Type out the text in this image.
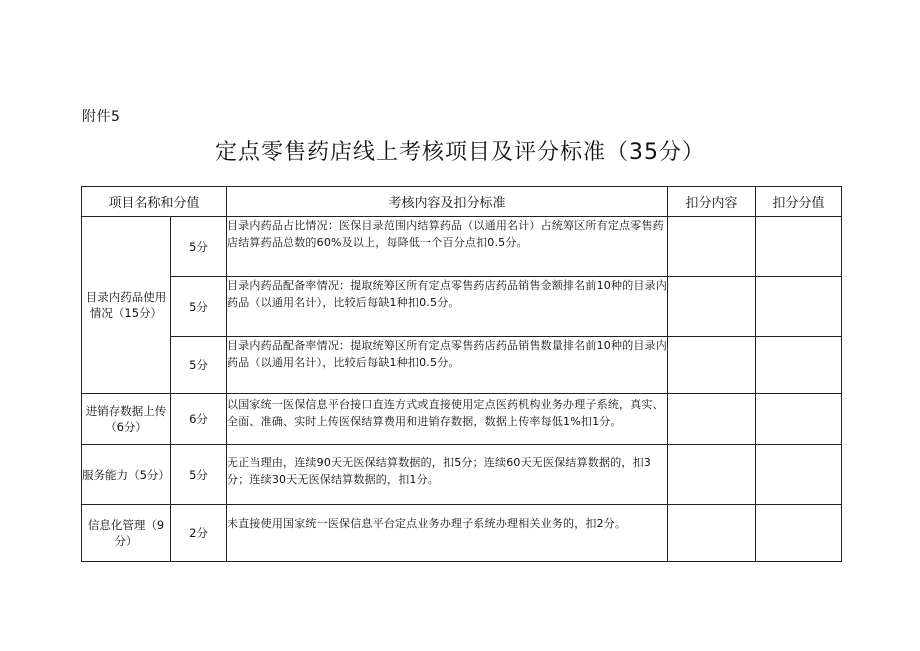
附件5
定点零售药店线上考核项目及评分标准（35分）
项目名称和分值		考核内容及扣分标准	扣分内容	扣分分值
目录内药品使用情况（15分）	5分	目录内药品占比情况：医保目录范围内结算药品（以通用名计）占统筹区所有定点零售药店结算药品总数的60%及以上，每降低一个百分点扣0.5分。		
	5分	目录内药品配备率情况：提取统筹区所有定点零售药店药品销售金额排名前10种的目录内药品（以通用名计），比较后每缺1种扣0.5分。		
	5分	目录内药品配备率情况：提取统筹区所有定点零售药店药品销售数量排名前10种的目录内药品（以通用名计），比较后每缺1种扣0.5分。		
进销存数据上传（6分）	6分	以国家统一医保信息平台接口直连方式或直接使用定点医药机构业务办理子系统，真实、全面、准确、实时上传医保结算费用和进销存数据，数据上传率每低1%扣1分。		
服务能力（5分）	5分	无正当理由，连续90天无医保结算数据的，扣5分；连续60天无医保结算数据的，扣3分；连续30天无医保结算数据的，扣1分。		
信息化管理（9分）	2分	未直接使用国家统一医保信息平台定点业务办理子系统办理相关业务的，扣2分。		
